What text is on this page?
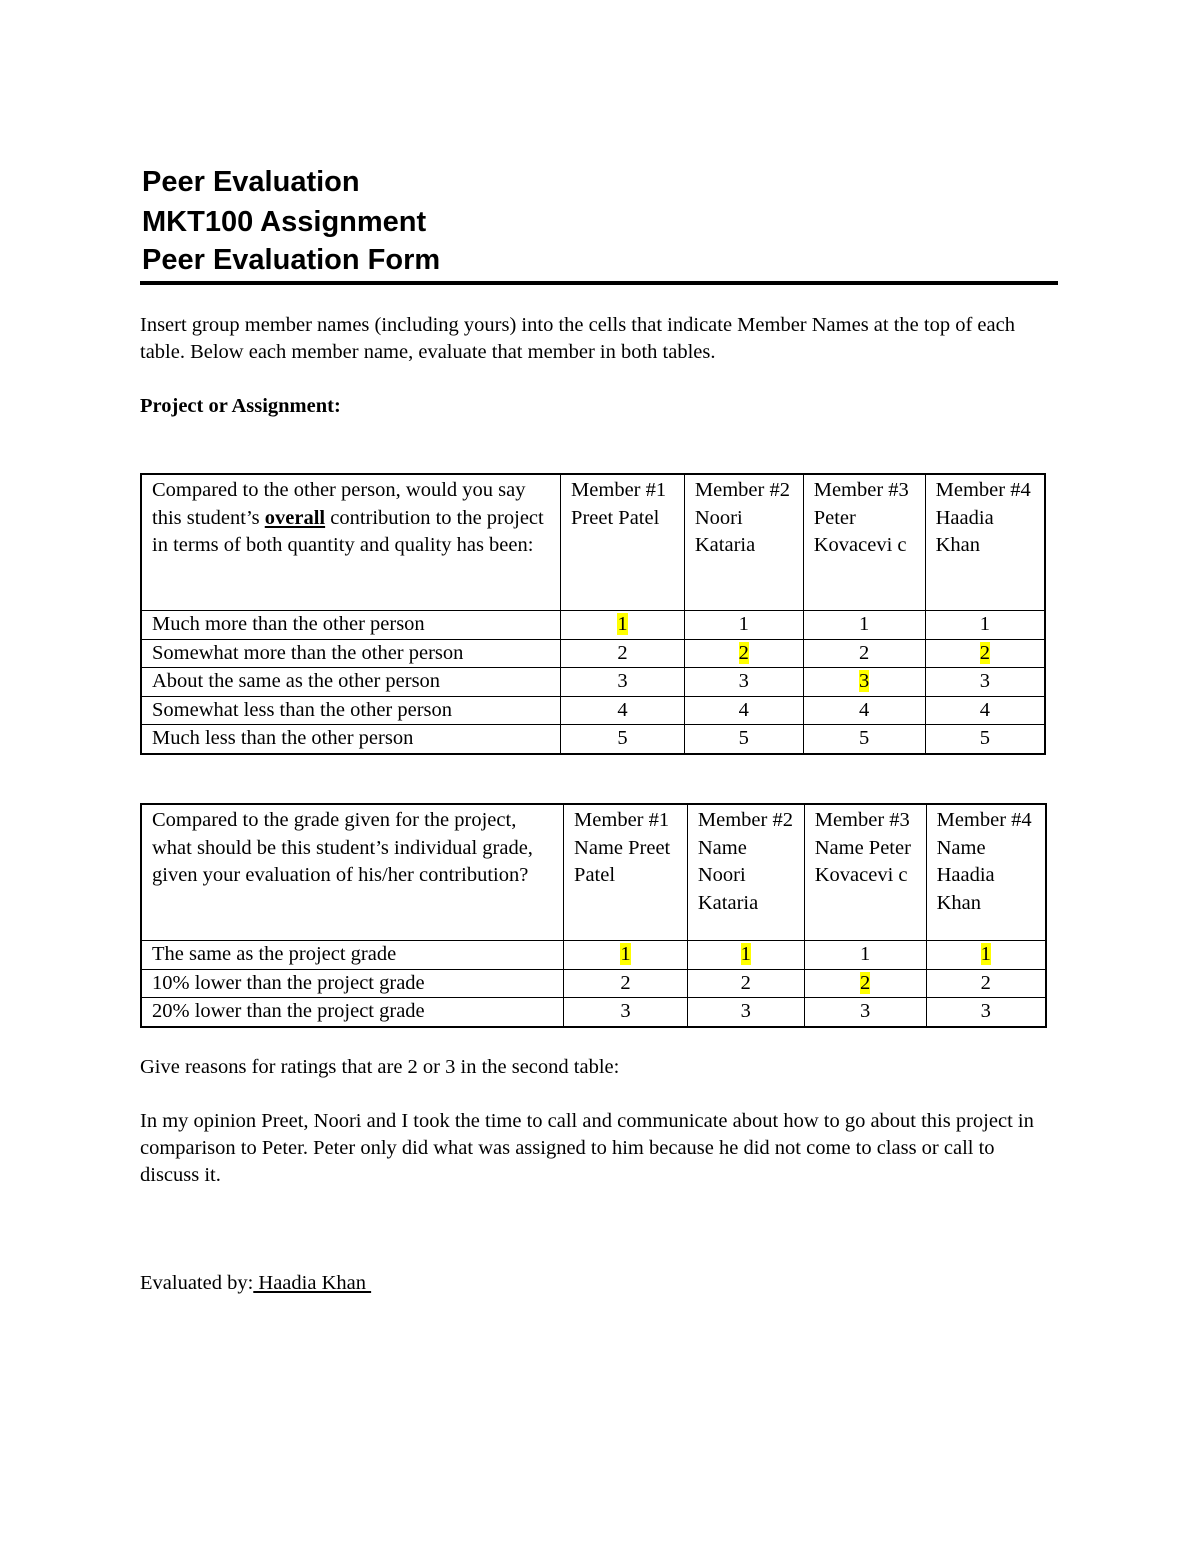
Peer Evaluation
MKT100 Assignment
Peer Evaluation Form

Insert group member names (including yours) into the cells that indicate Member Names at the top of each table. Below each member name, evaluate that member in both tables.

Project or Assignment:

Compared to the other person, would you say this student’s overall contribution to the project in terms of both quantity and quality has been:	Member #1 Preet Patel	Member #2 Noori Kataria	Member #3 Peter Kovacevi c	Member #4 Haadia Khan
Much more than the other person	1	1	1	1
Somewhat more than the other person	2	2	2	2
About the same as the other person	3	3	3	3
Somewhat less than the other person	4	4	4	4
Much less than the other person	5	5	5	5
Compared to the grade given for the project, what should be this student’s individual grade, given your evaluation of his/her contribution?	Member #1 Name Preet Patel	Member #2 Name Noori Kataria	Member #3 Name Peter Kovacevi c	Member #4 Name Haadia Khan
The same as the project grade	1	1	1	1
10% lower than the project grade	2	2	2	2
20% lower than the project grade	3	3	3	3

Give reasons for ratings that are 2 or 3 in the second table:

In my opinion Preet, Noori and I took the time to call and communicate about how to go about this project in comparison to Peter. Peter only did what was assigned to him because he did not come to class or call to discuss it.

Evaluated by: Haadia Khan
